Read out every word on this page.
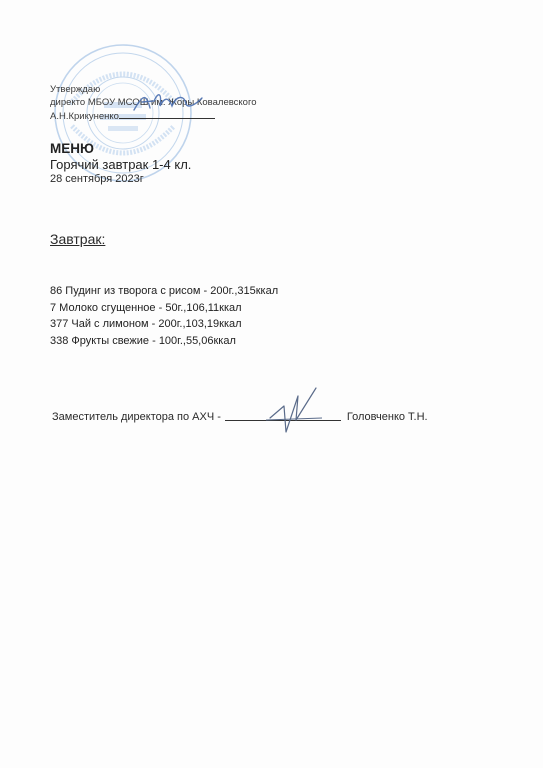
Утверждаю
директо МБОУ МСОШ им. Жоры Ковалевского
А.Н.Крикуненко
МЕНЮ
Горячий завтрак 1-4 кл.
28 сентября 2023г
Завтрак:
86 Пудинг из творога с рисом - 200г.,315ккал
7 Молоко сгущенное - 50г.,106,11ккал
377 Чай с лимоном - 200г.,103,19ккал
338 Фрукты свежие - 100г.,55,06ккал
Заместитель директора по АХЧ -	Головченко Т.Н.
